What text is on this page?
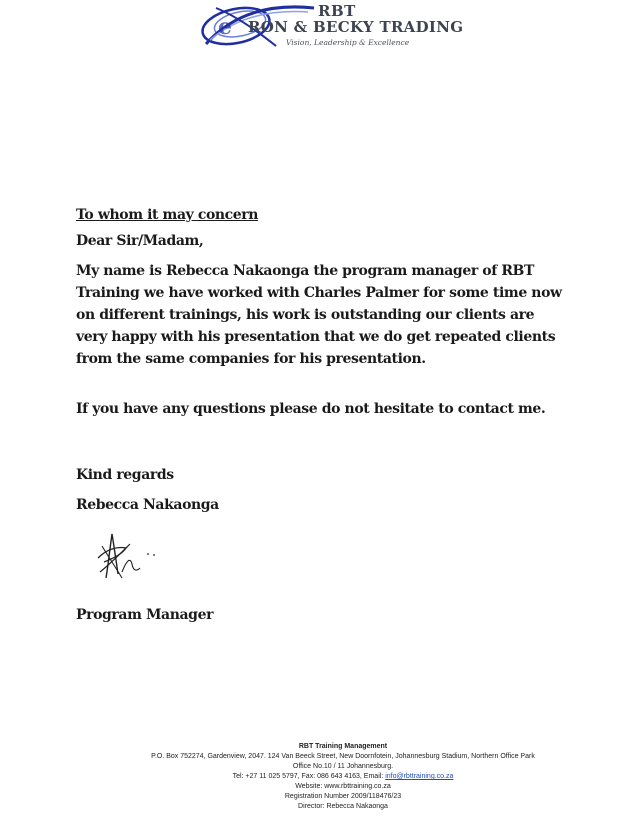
e
RBT
RON & BECKY TRADING
Vision, Leadership & Excellence

To whom it may concern

Dear Sir/Madam,

My name is Rebecca Nakaonga the program manager of RBT Training we have worked with Charles Palmer for some time now on different trainings, his work is outstanding our clients are very happy with his presentation that we do get repeated clients from the same companies for his presentation.

If you have any questions please do not hesitate to contact me.

Kind regards

Rebecca Nakaonga

Program Manager

RBT Training Management
P.O. Box 752274, Gardenview, 2047. 124 Van Beeck Street, New Doornfotein, Johannesburg Stadium, Northern Office Park
Office No.10 / 11 Johannesburg.
Tel: +27 11 025 5797, Fax: 086 643 4163, Email: info@rbttraining.co.za
Website: www.rbttraining.co.za
Registration Number 2009/118476/23
Director: Rebecca Nakaonga
